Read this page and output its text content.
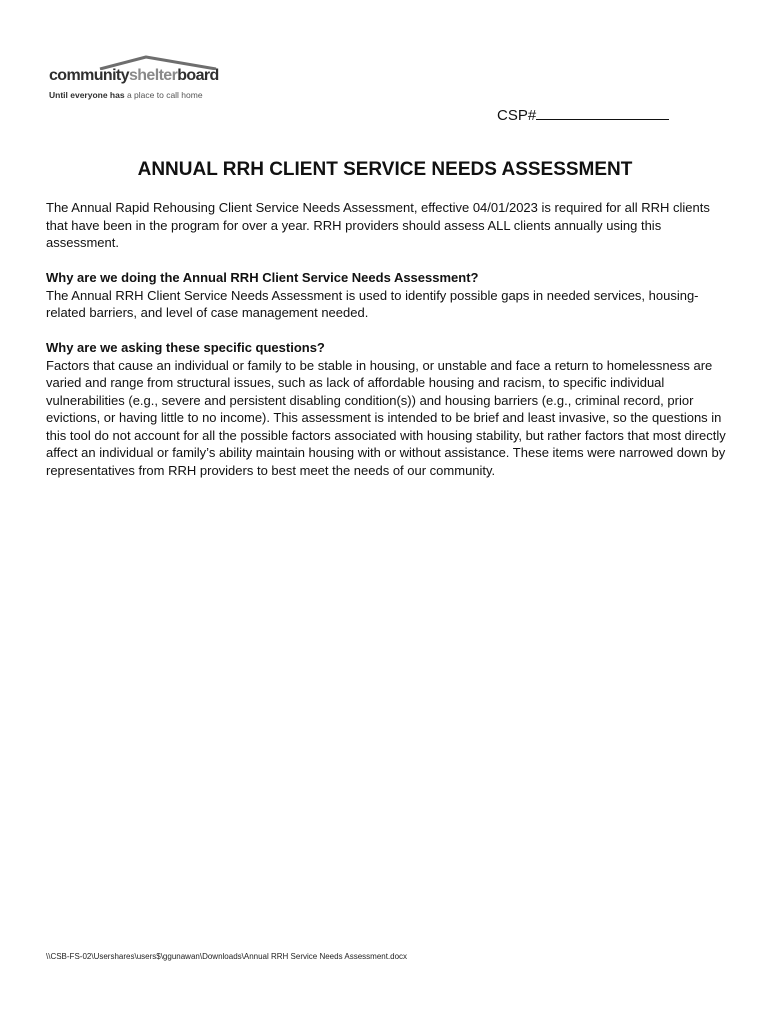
communityshelterboard
Until everyone has a place to call home
CSP#
ANNUAL RRH CLIENT SERVICE NEEDS ASSESSMENT
The Annual Rapid Rehousing Client Service Needs Assessment, effective 04/01/2023 is required for all RRH clients that have been in the program for over a year. RRH providers should assess ALL clients annually using this assessment.
Why are we doing the Annual RRH Client Service Needs Assessment?
The Annual RRH Client Service Needs Assessment is used to identify possible gaps in needed services, housing-related barriers, and level of case management needed.
Why are we asking these specific questions?
Factors that cause an individual or family to be stable in housing, or unstable and face a return to homelessness are varied and range from structural issues, such as lack of affordable housing and racism, to specific individual vulnerabilities (e.g., severe and persistent disabling condition(s)) and housing barriers (e.g., criminal record, prior evictions, or having little to no income). This assessment is intended to be brief and least invasive, so the questions in this tool do not account for all the possible factors associated with housing stability, but rather factors that most directly affect an individual or family’s ability maintain housing with or without assistance. These items were narrowed down by representatives from RRH providers to best meet the needs of our community.
\\CSB-FS-02\Usershares\users$\ggunawan\Downloads\Annual RRH Service Needs Assessment.docx
